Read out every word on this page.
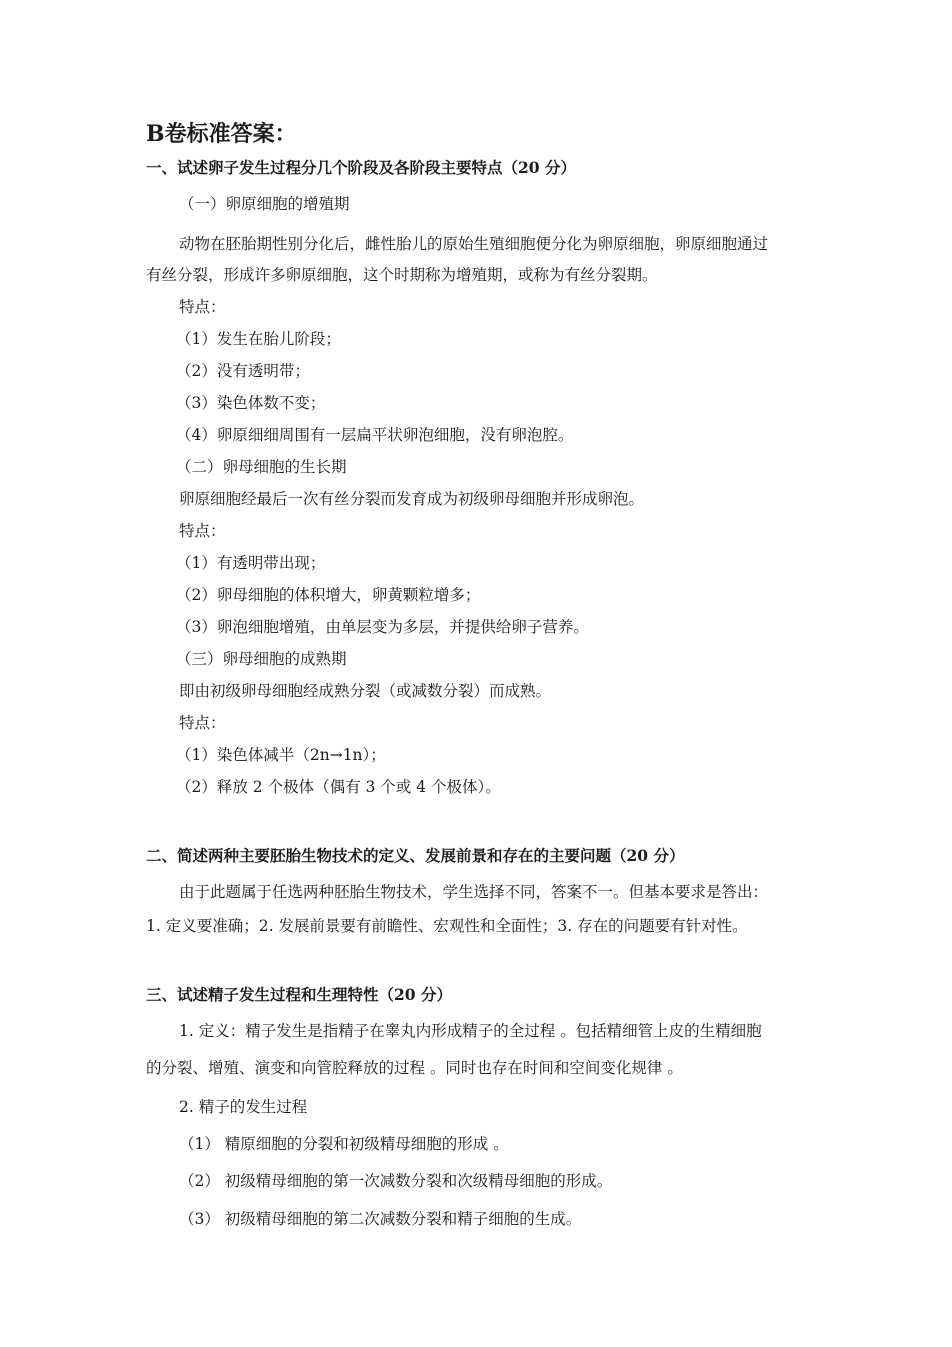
B卷标准答案：
一、试述卵子发生过程分几个阶段及各阶段主要特点（20 分）
（一）卵原细胞的增殖期
动物在胚胎期性别分化后，雌性胎儿的原始生殖细胞便分化为卵原细胞，卵原细胞通过
有丝分裂，形成许多卵原细胞，这个时期称为增殖期，或称为有丝分裂期。
特点：
（1）发生在胎儿阶段；
（2）没有透明带；
（3）染色体数不变；
（4）卵原细细周围有一层扁平状卵泡细胞，没有卵泡腔。
（二）卵母细胞的生长期
卵原细胞经最后一次有丝分裂而发育成为初级卵母细胞并形成卵泡。
特点：
（1）有透明带出现；
（2）卵母细胞的体积增大，卵黄颗粒增多；
（3）卵泡细胞增殖，由单层变为多层，并提供给卵子营养。
（三）卵母细胞的成熟期
即由初级卵母细胞经成熟分裂（或减数分裂）而成熟。
特点：
（1）染色体减半（2n→1n）；
（2）释放 2 个极体（偶有 3 个或 4 个极体）。
二、简述两种主要胚胎生物技术的定义、发展前景和存在的主要问题（20 分）
由于此题属于任选两种胚胎生物技术，学生选择不同，答案不一。但基本要求是答出：
1. 定义要准确；2. 发展前景要有前瞻性、宏观性和全面性；3. 存在的问题要有针对性。
三、试述精子发生过程和生理特性（20 分）
1. 定义：精子发生是指精子在睾丸内形成精子的全过程 。包括精细管上皮的生精细胞
的分裂、增殖、演变和向管腔释放的过程 。同时也存在时间和空间变化规律 。
2. 精子的发生过程
（1） 精原细胞的分裂和初级精母细胞的形成 。
（2） 初级精母细胞的第一次减数分裂和次级精母细胞的形成。
（3） 初级精母细胞的第二次减数分裂和精子细胞的生成。
